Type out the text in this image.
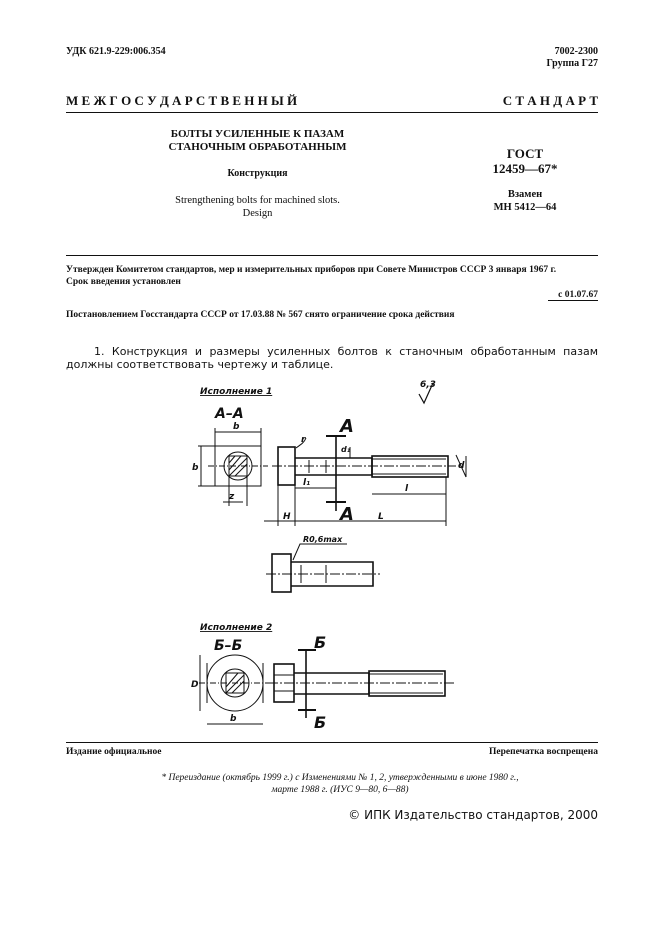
УДК 621.9-229:006.354	7002-2300
Группа Г27
М Е Ж Г О С У Д А Р С Т В Е Н Н Ы Й	С Т А Н Д А Р Т
БОЛТЫ УСИЛЕННЫЕ К ПАЗАМ
СТАНОЧНЫМ ОБРАБОТАННЫМ
Конструкция
Strengthening bolts for machined slots.
Design
ГОСТ
12459—67*
Взамен
МН 5412—64
Утвержден Комитетом стандартов, мер и измерительных приборов при Совете Министров СССР 3 января 1967 г.
Срок введения установлен
с 01.07.67
Постановлением Госстандарта СССР от 17.03.88 № 567 снято ограничение срока действия
1. Конструкция и размеры усиленных болтов к станочным обработанным пазам должны соответствовать чертежу и таблице.
Исполнение 1
А–А
6,3
b
b
z
r
А
А
d₁
d
l₁
l
H	L
R0,6max
Исполнение 2
Б–Б	Б
Б
D
b
Издание официальное	Перепечатка воспрещена
* Переиздание (октябрь 1999 г.) с Изменениями № 1, 2, утвержденными в июне 1980 г.,
марте 1988 г. (ИУС 9—80, 6—88)
© ИПК Издательство стандартов, 2000
